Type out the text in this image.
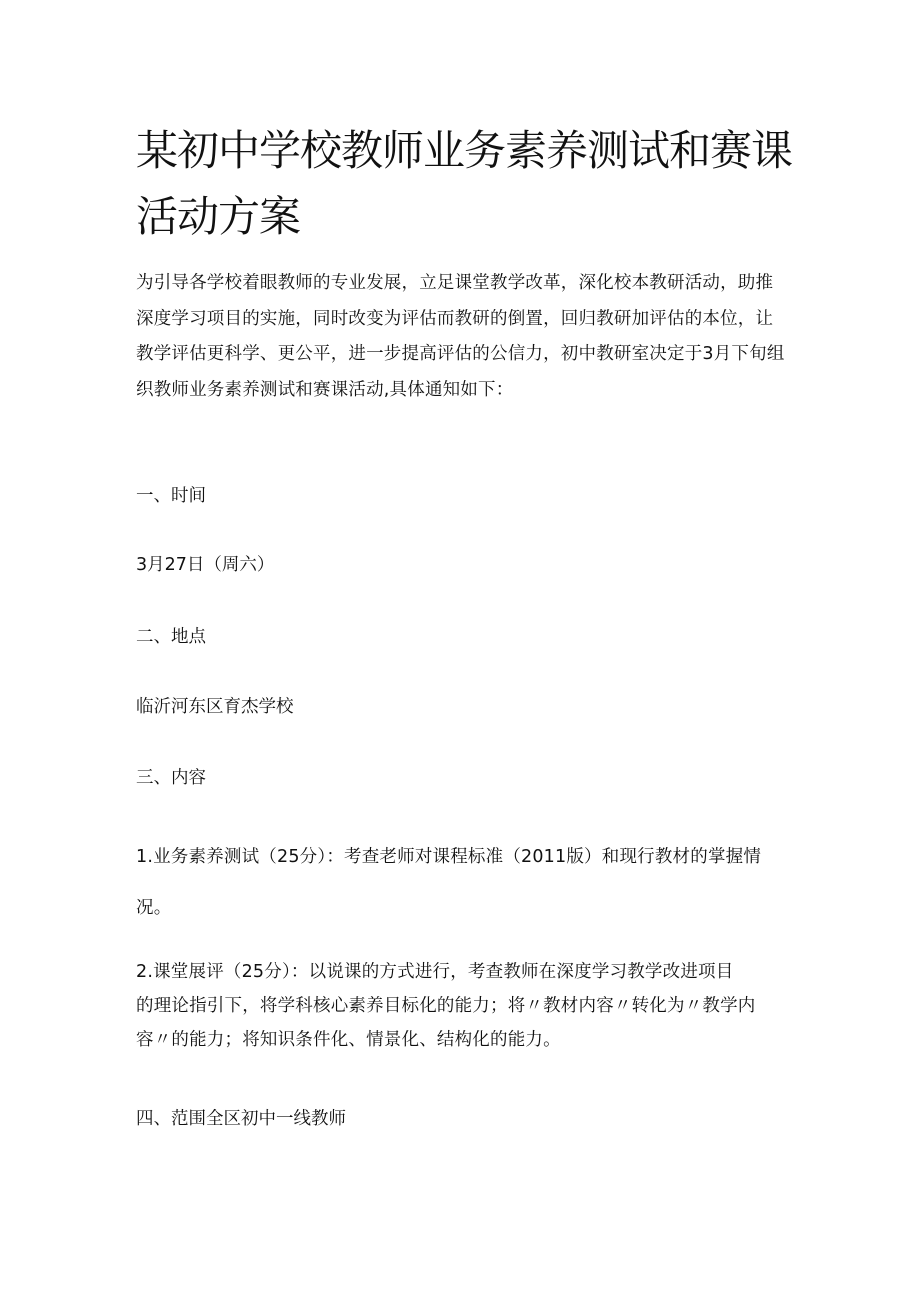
某初中学校教师业务素养测试和赛课活动方案

为引导各学校着眼教师的专业发展，立足课堂教学改革，深化校本教研活动，助推深度学习项目的实施，同时改变为评估而教研的倒置，回归教研加评估的本位，让教学评估更科学、更公平，进一步提高评估的公信力，初中教研室决定于3月下旬组织教师业务素养测试和赛课活动,具体通知如下：

一、时间

3月27日（周六）

二、地点

临沂河东区育杰学校

三、内容

1.业务素养测试（25分）：考查老师对课程标准（2011版）和现行教材的掌握情况。

2.课堂展评（25分）：以说课的方式进行，考查教师在深度学习教学改进项目
的理论指引下，将学科核心素养目标化的能力；将〃教材内容〃转化为〃教学内
容〃的能力；将知识条件化、情景化、结构化的能力。

四、范围全区初中一线教师
